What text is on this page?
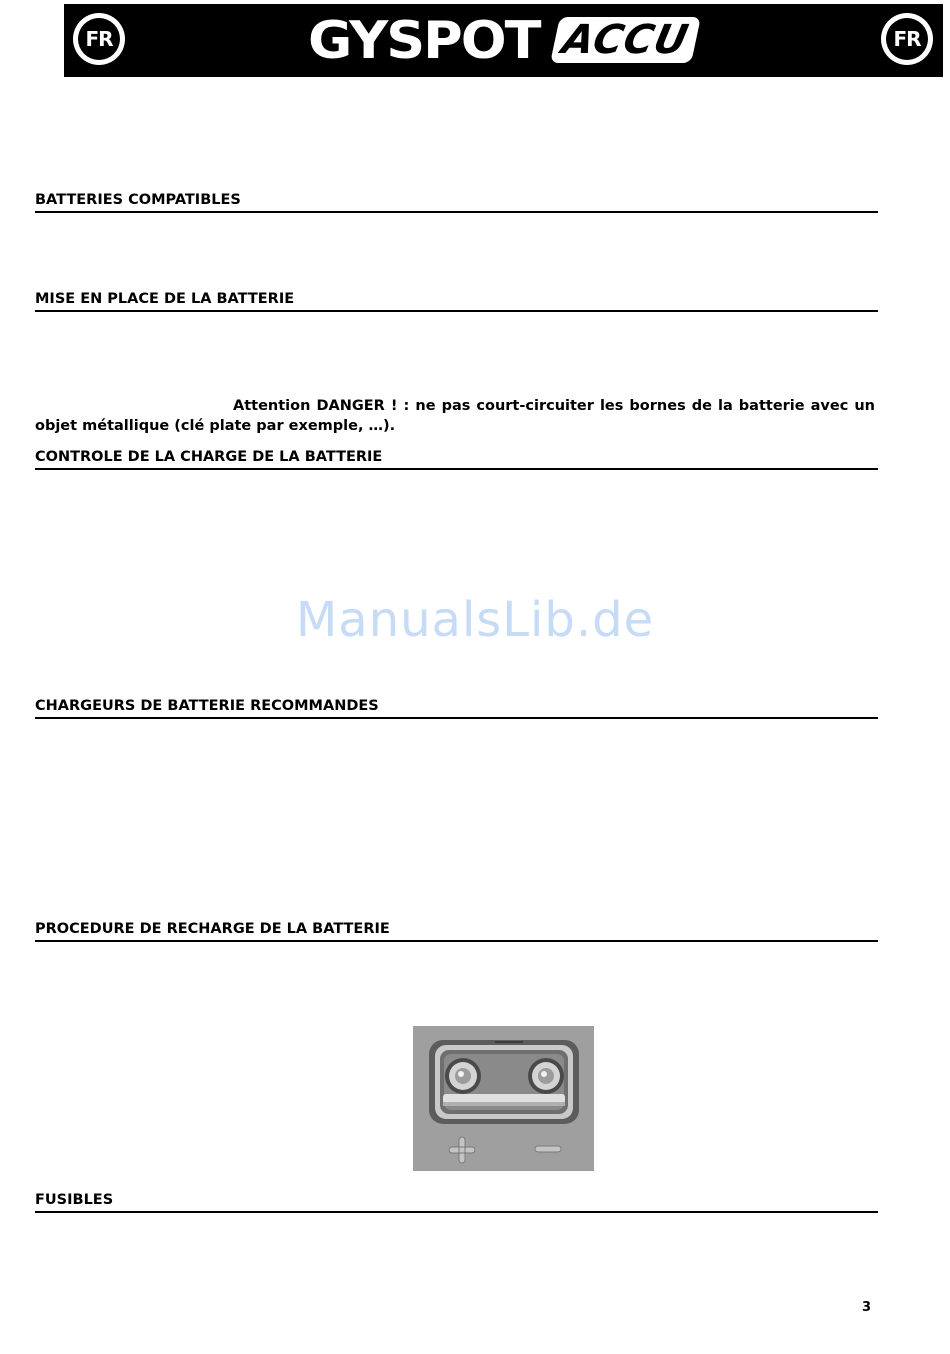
FR	GYSPOT ACCU	FR
BATTERIES COMPATIBLES
MISE EN PLACE DE LA BATTERIE
Attention DANGER ! : ne pas court-circuiter les bornes de la batterie avec un objet métallique (clé plate par exemple, …).
CONTROLE DE LA CHARGE DE LA BATTERIE
ManualsLib.de
CHARGEURS DE BATTERIE RECOMMANDES
PROCEDURE DE RECHARGE DE LA BATTERIE
FUSIBLES
3
